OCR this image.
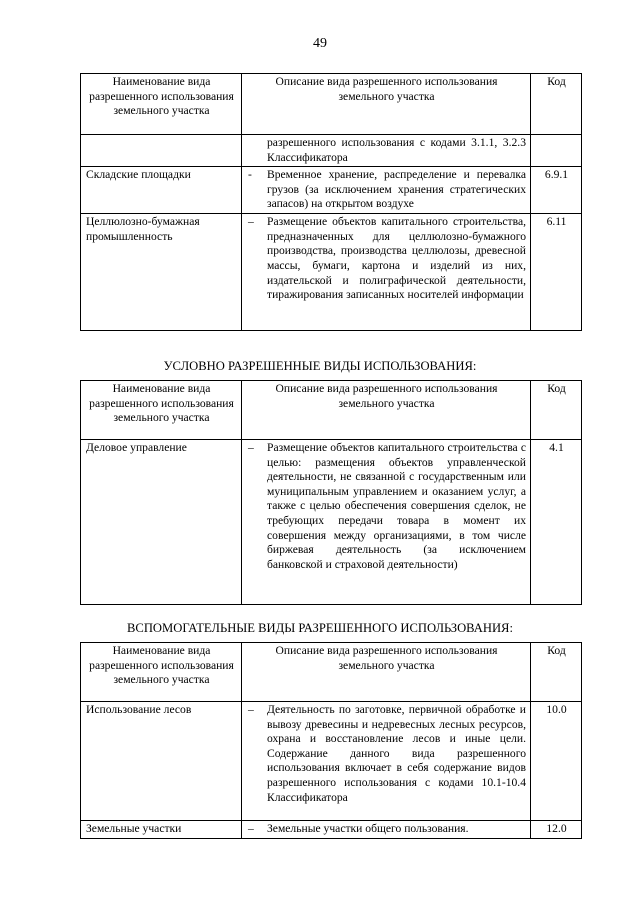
49
Наименование вида разрешенного использования земельного участка	Описание вида разрешенного использования земельного участка	Код
	разрешенного использования с кодами 3.1.1, 3.2.3 Классификатора	
Складские площадки	- Временное хранение, распределение и перевалка грузов (за исключением хранения стратегических запасов) на открытом воздухе	6.9.1
Целлюлозно-бумажная промышленность	– Размещение объектов капитального строительства, предназначенных для целлюлозно-бумажного производства, производства целлюлозы, древесной массы, бумаги, картона и изделий из них, издательской и полиграфической деятельности, тиражирования записанных носителей информации	6.11
УСЛОВНО РАЗРЕШЕННЫЕ ВИДЫ ИСПОЛЬЗОВАНИЯ:
Наименование вида разрешенного использования земельного участка	Описание вида разрешенного использования земельного участка	Код
Деловое управление	– Размещение объектов капитального строительства с целью: размещения объектов управленческой деятельности, не связанной с государственным или муниципальным управлением и оказанием услуг, а также с целью обеспечения совершения сделок, не требующих передачи товара в момент их совершения между организациями, в том числе биржевая деятельность (за исключением банковской и страховой деятельности)	4.1
ВСПОМОГАТЕЛЬНЫЕ ВИДЫ РАЗРЕШЕННОГО ИСПОЛЬЗОВАНИЯ:
Наименование вида разрешенного использования земельного участка	Описание вида разрешенного использования земельного участка	Код
Использование лесов	– Деятельность по заготовке, первичной обработке и вывозу древесины и недревесных лесных ресурсов, охрана и восстановление лесов и иные цели. Содержание данного вида разрешенного использования включает в себя содержание видов разрешенного использования с кодами 10.1-10.4 Классификатора	10.0
Земельные участки	– Земельные участки общего пользования.	12.0
